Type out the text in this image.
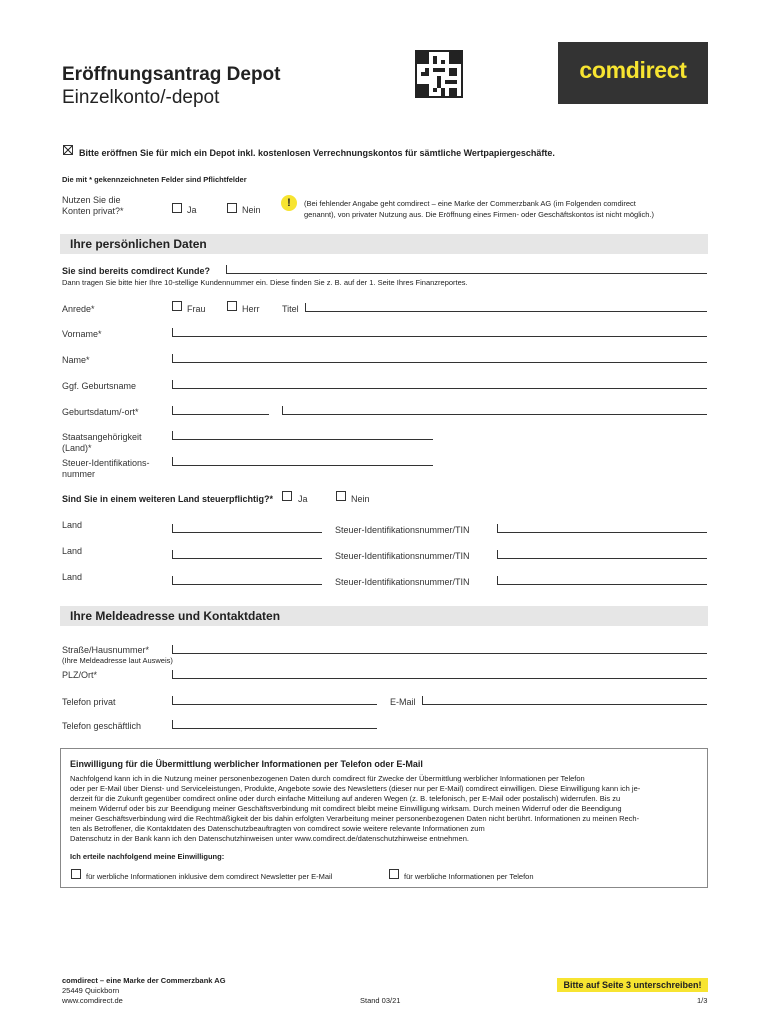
Eröffnungsantrag Depot
Einzelkonto/-depot
comdirect
Bitte eröffnen Sie für mich ein Depot inkl. kostenlosen Verrechnungskontos für sämtliche Wertpapiergeschäfte.
Die mit * gekennzeichneten Felder sind Pflichtfelder
Nutzen Sie die
Konten privat?*	Ja	Nein
!	(Bei fehlender Angabe geht comdirect – eine Marke der Commerzbank AG (im Folgenden comdirect
genannt), von privater Nutzung aus. Die Eröffnung eines Firmen- oder Geschäftskontos ist nicht möglich.)
Ihre persönlichen Daten
Sie sind bereits comdirect Kunde?
Dann tragen Sie bitte hier Ihre 10-stellige Kundennummer ein. Diese finden Sie z. B. auf der 1. Seite Ihres Finanzreportes.
Anrede*	Frau	Herr	Titel
Vorname*
Name*
Ggf. Geburtsname
Geburtsdatum/-ort*
Staatsangehörigkeit
(Land)*
Steuer-Identifikations-
nummer
Sind Sie in einem weiteren Land steuerpflichtig?*	Ja	Nein
Land	Steuer-Identifikationsnummer/TIN
Land	Steuer-Identifikationsnummer/TIN
Land	Steuer-Identifikationsnummer/TIN
Ihre Meldeadresse und Kontaktdaten
Straße/Hausnummer*
(Ihre Meldeadresse laut Ausweis)
PLZ/Ort*
Telefon privat	E-Mail
Telefon geschäftlich
Einwilligung für die Übermittlung werblicher Informationen per Telefon oder E-Mail
Nachfolgend kann ich in die Nutzung meiner personenbezogenen Daten durch comdirect für Zwecke der Übermittlung werblicher Informationen per Telefon
oder per E-Mail über Dienst- und Serviceleistungen, Produkte, Angebote sowie des Newsletters (dieser nur per E-Mail) comdirect einwilligen. Diese Einwilligung kann ich je-
derzeit für die Zukunft gegenüber comdirect online oder durch einfache Mitteilung auf anderen Wegen (z. B. telefonisch, per E-Mail oder postalisch) widerrufen. Bis zu
meinem Widerruf oder bis zur Beendigung meiner Geschäftsverbindung mit comdirect bleibt meine Einwilligung wirksam. Durch meinen Widerruf oder die Beendigung
meiner Geschäftsverbindung wird die Rechtmäßigkeit der bis dahin erfolgten Verarbeitung meiner personenbezogenen Daten nicht berührt. Informationen zu meinen Rech-
ten als Betroffener, die Kontaktdaten des Datenschutzbeauftragten von comdirect sowie weitere relevante Informationen zum
Datenschutz in der Bank kann ich den Datenschutzhinweisen unter www.comdirect.de/datenschutzhinweise entnehmen.
Ich erteile nachfolgend meine Einwilligung:
für werbliche Informationen inklusive dem comdirect Newsletter per E-Mail	für werbliche Informationen per Telefon
comdirect – eine Marke der Commerzbank AG
25449 Quickborn
www.comdirect.de	Stand 03/21
Bitte auf Seite 3 unterschreiben!
1/3
